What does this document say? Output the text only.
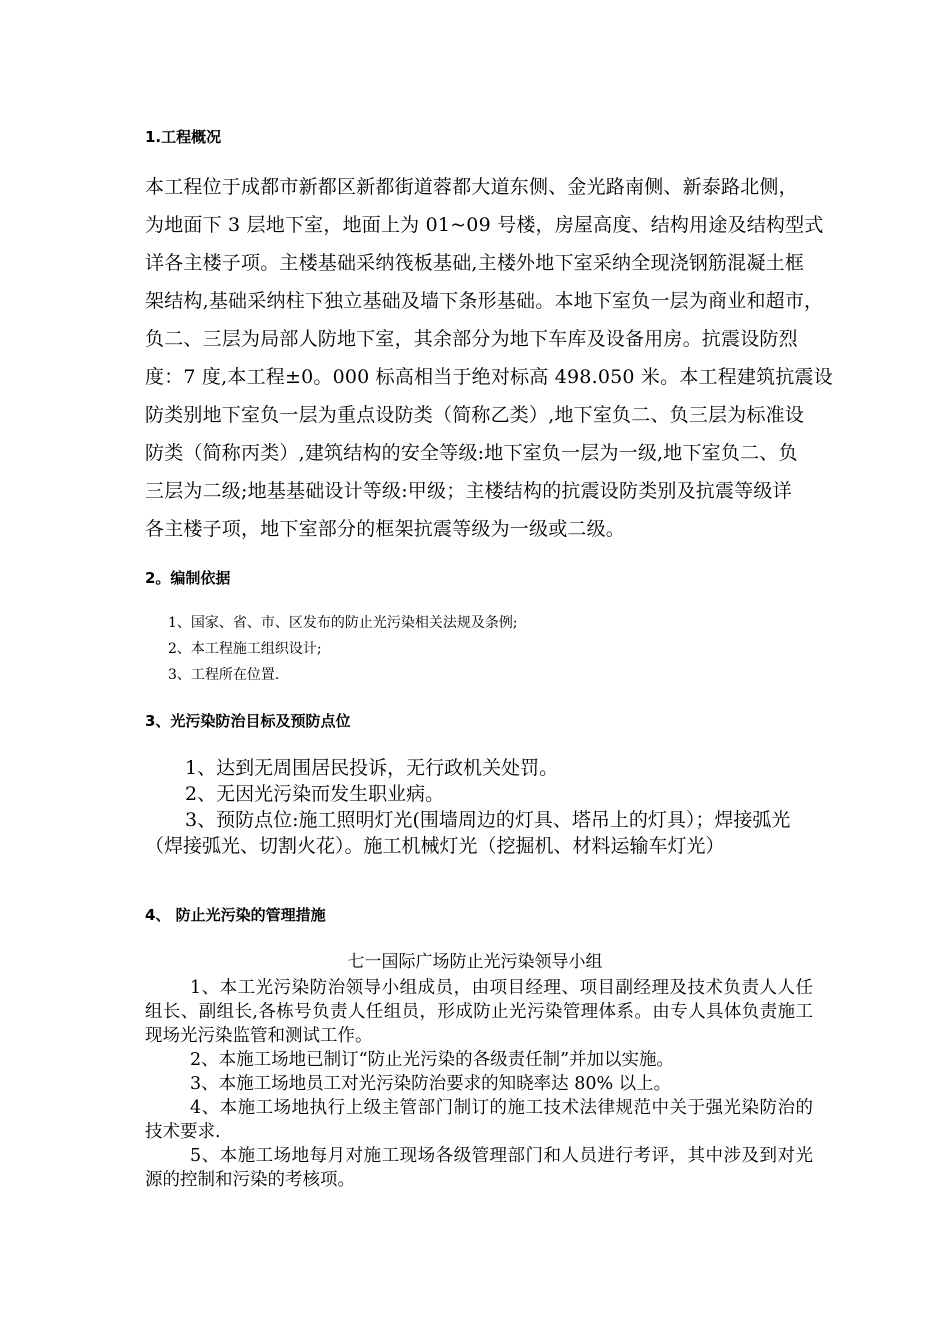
1.工程概况

本工程位于成都市新都区新都街道蓉都大道东侧、金光路南侧、新泰路北侧，

为地面下 3 层地下室，地面上为 01~09 号楼，房屋高度、结构用途及结构型式

详各主楼子项。主楼基础采纳筏板基础,主楼外地下室采纳全现浇钢筋混凝土框

架结构,基础采纳柱下独立基础及墙下条形基础。本地下室负一层为商业和超市，

负二、三层为局部人防地下室，其余部分为地下车库及设备用房。抗震设防烈

度：7 度,本工程±0。000 标高相当于绝对标高 498.050 米。本工程建筑抗震设

防类别地下室负一层为重点设防类（简称乙类）,地下室负二、负三层为标准设

防类（简称丙类）,建筑结构的安全等级:地下室负一层为一级,地下室负二、负

三层为二级;地基基础设计等级:甲级；主楼结构的抗震设防类别及抗震等级详

各主楼子项，地下室部分的框架抗震等级为一级或二级。

2。编制依据

1、国家、省、市、区发布的防止光污染相关法规及条例;

2、本工程施工组织设计;

3、工程所在位置.

3、光污染防治目标及预防点位

1、达到无周围居民投诉，无行政机关处罚。

2、无因光污染而发生职业病。

3、预防点位:施工照明灯光(围墙周边的灯具、塔吊上的灯具）；焊接弧光（焊接弧光、切割火花）。施工机械灯光（挖掘机、材料运输车灯光）

4、 防止光污染的管理措施
七一国际广场防止光污染领导小组

1、本工光污染防治领导小组成员，由项目经理、项目副经理及技术负责人人任组长、副组长,各栋号负责人任组员，形成防止光污染管理体系。由专人具体负责施工现场光污染监管和测试工作。

2、本施工场地已制订“防止光污染的各级责任制”并加以实施。

3、本施工场地员工对光污染防治要求的知晓率达 80% 以上。

4、本施工场地执行上级主管部门制订的施工技术法律规范中关于强光染防治的技术要求.

5、本施工场地每月对施工现场各级管理部门和人员进行考评，其中涉及到对光源的控制和污染的考核项。
